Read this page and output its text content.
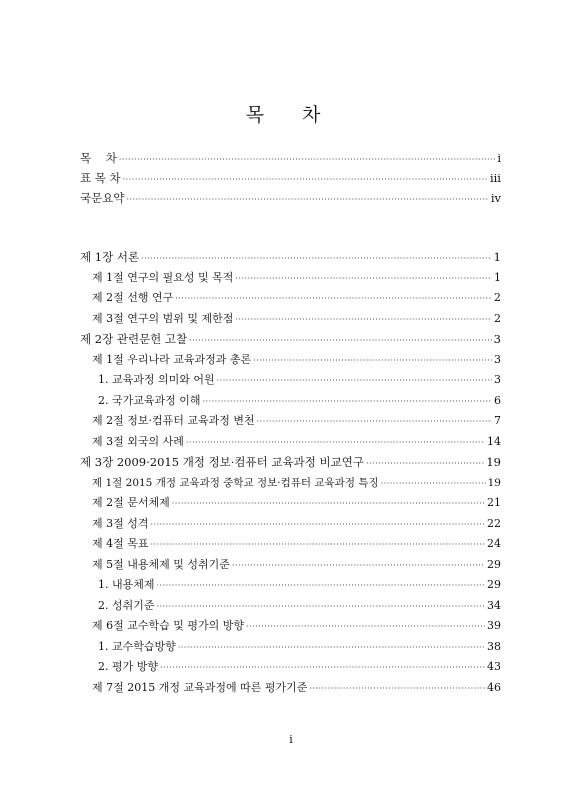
목 차
목    차 ·····	i
표 목 차 ·····	iii
국문요약 ·····	iv
제 1장 서론 ·····	1
제 1절 연구의 필요성 및 목적 ·····	1
제 2절 선행 연구 ·····	2
제 3절 연구의 범위 및 제한점 ·····	2
제 2장 관련문헌 고찰 ·····	3
제 1절 우리나라 교육과정과 총론 ·····	3
1. 교육과정 의미와 어원 ·····	3
2. 국가교육과정 이해 ·····	6
제 2절 정보·컴퓨터 교육과정 변천 ·····	7
제 3절 외국의 사례 ·····	14
제 3장 2009·2015 개정 정보·컴퓨터 교육과정 비교연구 ·····	19
제 1절 2015 개정 교육과정 중학교 정보·컴퓨터 교육과정 특징 ·····	19
제 2절 문서체제 ·····	21
제 3절 성격 ·····	22
제 4절 목표 ·····	24
제 5절 내용체제 및 성취기준 ·····	29
1. 내용체제 ·····	29
2. 성취기준 ·····	34
제 6절 교수학습 및 평가의 방향 ·····	39
1. 교수학습방향 ·····	38
2. 평가 방향 ·····	43
제 7절 2015 개정 교육과정에 따른 평가기준 ·····	46
i
